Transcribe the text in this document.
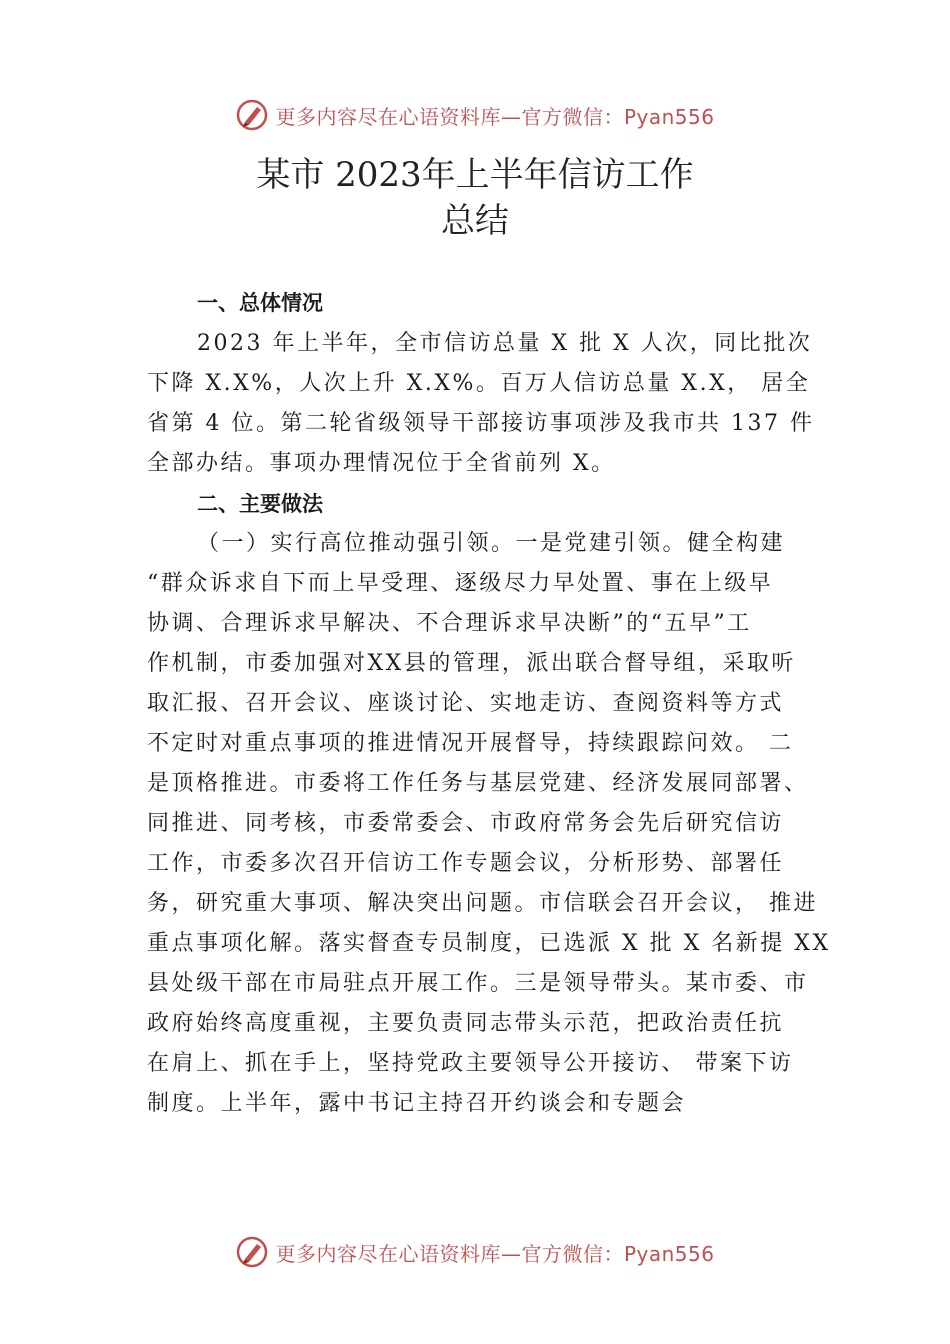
更多内容尽在心语资料库—官方微信：Pyan556
某市 2023年上半年信访工作
总结
一、总体情况
2023 年上半年，全市信访总量 X 批 X 人次，同比批次
下降 X.X%，人次上升 X.X%。百万人信访总量 X.X， 居全
省第 4 位。第二轮省级领导干部接访事项涉及我市共 137 件
全部办结。事项办理情况位于全省前列 X。
二、主要做法
（一）实行高位推动强引领。一是党建引领。健全构建
“群众诉求自下而上早受理、逐级尽力早处置、事在上级早
协调、合理诉求早解决、不合理诉求早决断”的“五早”工
作机制，市委加强对XX县的管理，派出联合督导组，采取听
取汇报、召开会议、座谈讨论、实地走访、查阅资料等方式
不定时对重点事项的推进情况开展督导，持续跟踪问效。 二
是顶格推进。市委将工作任务与基层党建、经济发展同部署、
同推进、同考核，市委常委会、市政府常务会先后研究信访
工作，市委多次召开信访工作专题会议，分析形势、部署任
务，研究重大事项、解决突出问题。市信联会召开会议， 推进
重点事项化解。落实督查专员制度，已选派 X 批 X 名新提 XX
县处级干部在市局驻点开展工作。三是领导带头。某市委、市
政府始终高度重视，主要负责同志带头示范，把政治责任抗
在肩上、抓在手上，坚持党政主要领导公开接访、 带案下访
制度。上半年，露中书记主持召开约谈会和专题会
更多内容尽在心语资料库—官方微信：Pyan556
